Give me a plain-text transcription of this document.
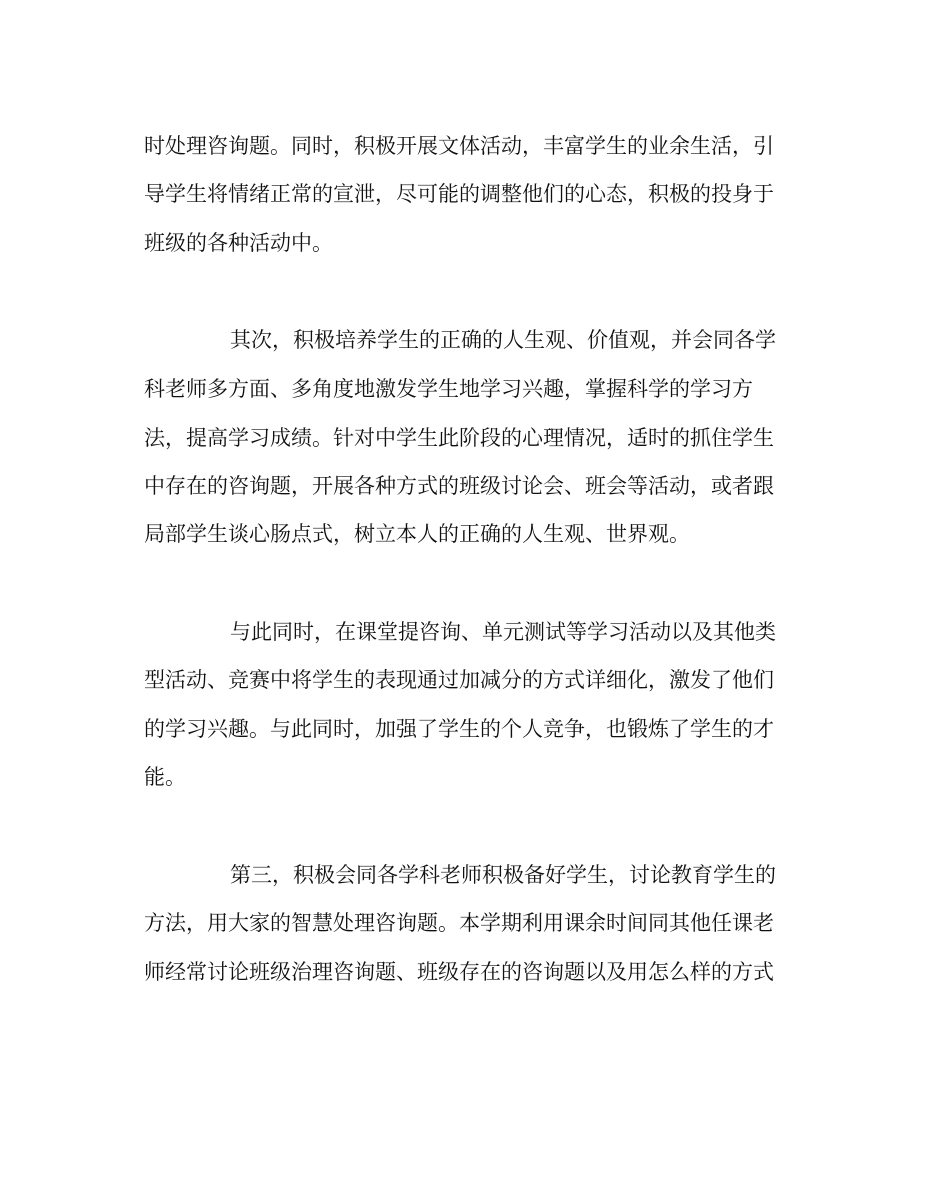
时处理咨询题。同时，积极开展文体活动，丰富学生的业余生活，引

导学生将情绪正常的宣泄，尽可能的调整他们的心态，积极的投身于

班级的各种活动中。

其次，积极培养学生的正确的人生观、价值观，并会同各学

科老师多方面、多角度地激发学生地学习兴趣，掌握科学的学习方

法，提高学习成绩。针对中学生此阶段的心理情况，适时的抓住学生

中存在的咨询题，开展各种方式的班级讨论会、班会等活动，或者跟

局部学生谈心肠点式，树立本人的正确的人生观、世界观。

与此同时，在课堂提咨询、单元测试等学习活动以及其他类

型活动、竞赛中将学生的表现通过加减分的方式详细化，激发了他们

的学习兴趣。与此同时，加强了学生的个人竞争，也锻炼了学生的才

能。

第三，积极会同各学科老师积极备好学生，讨论教育学生的

方法，用大家的智慧处理咨询题。本学期利用课余时间同其他任课老

师经常讨论班级治理咨询题、班级存在的咨询题以及用怎么样的方式
